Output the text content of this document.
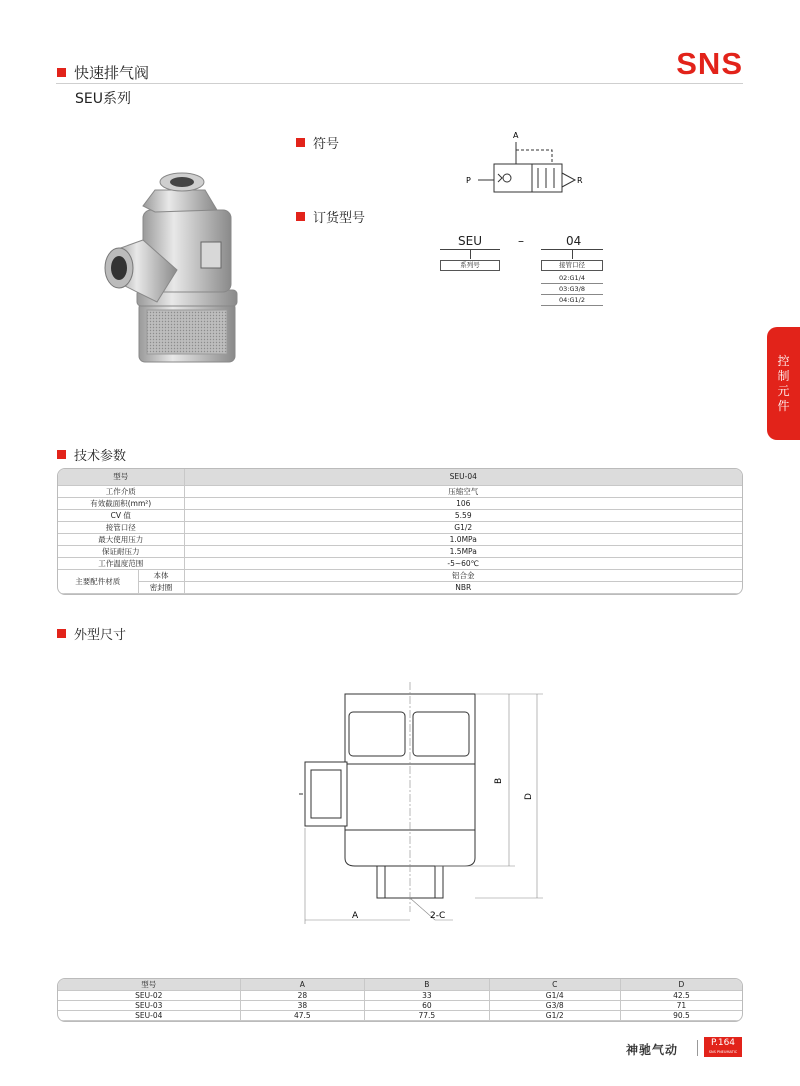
快速排气阀
SEU系列
SNS
控
制
元
件
符号
A
P	R
订货型号
SEU	–	04
系列号	接管口径
02:G1/4
03:G3/8
04:G1/2
技术参数
型号		SEU-04
工作介质		压缩空气
有效截面积(mm²)		106
CV 值		5.59
接管口径		G1/2
最大使用压力		1.0MPa
保证耐压力		1.5MPa
工作温度范围		-5~60℃
主要配件材质	本体	铝合金
	密封圈	NBR
外型尺寸
B
D
A	2-C
型号	A	B	C	D
SEU-02	28	33	G1/4	42.5
SEU-03	38	60	G3/8	71
SEU-04	47.5	77.5	G1/2	90.5
神驰气动	P.164
SNS PNEUMATIC
